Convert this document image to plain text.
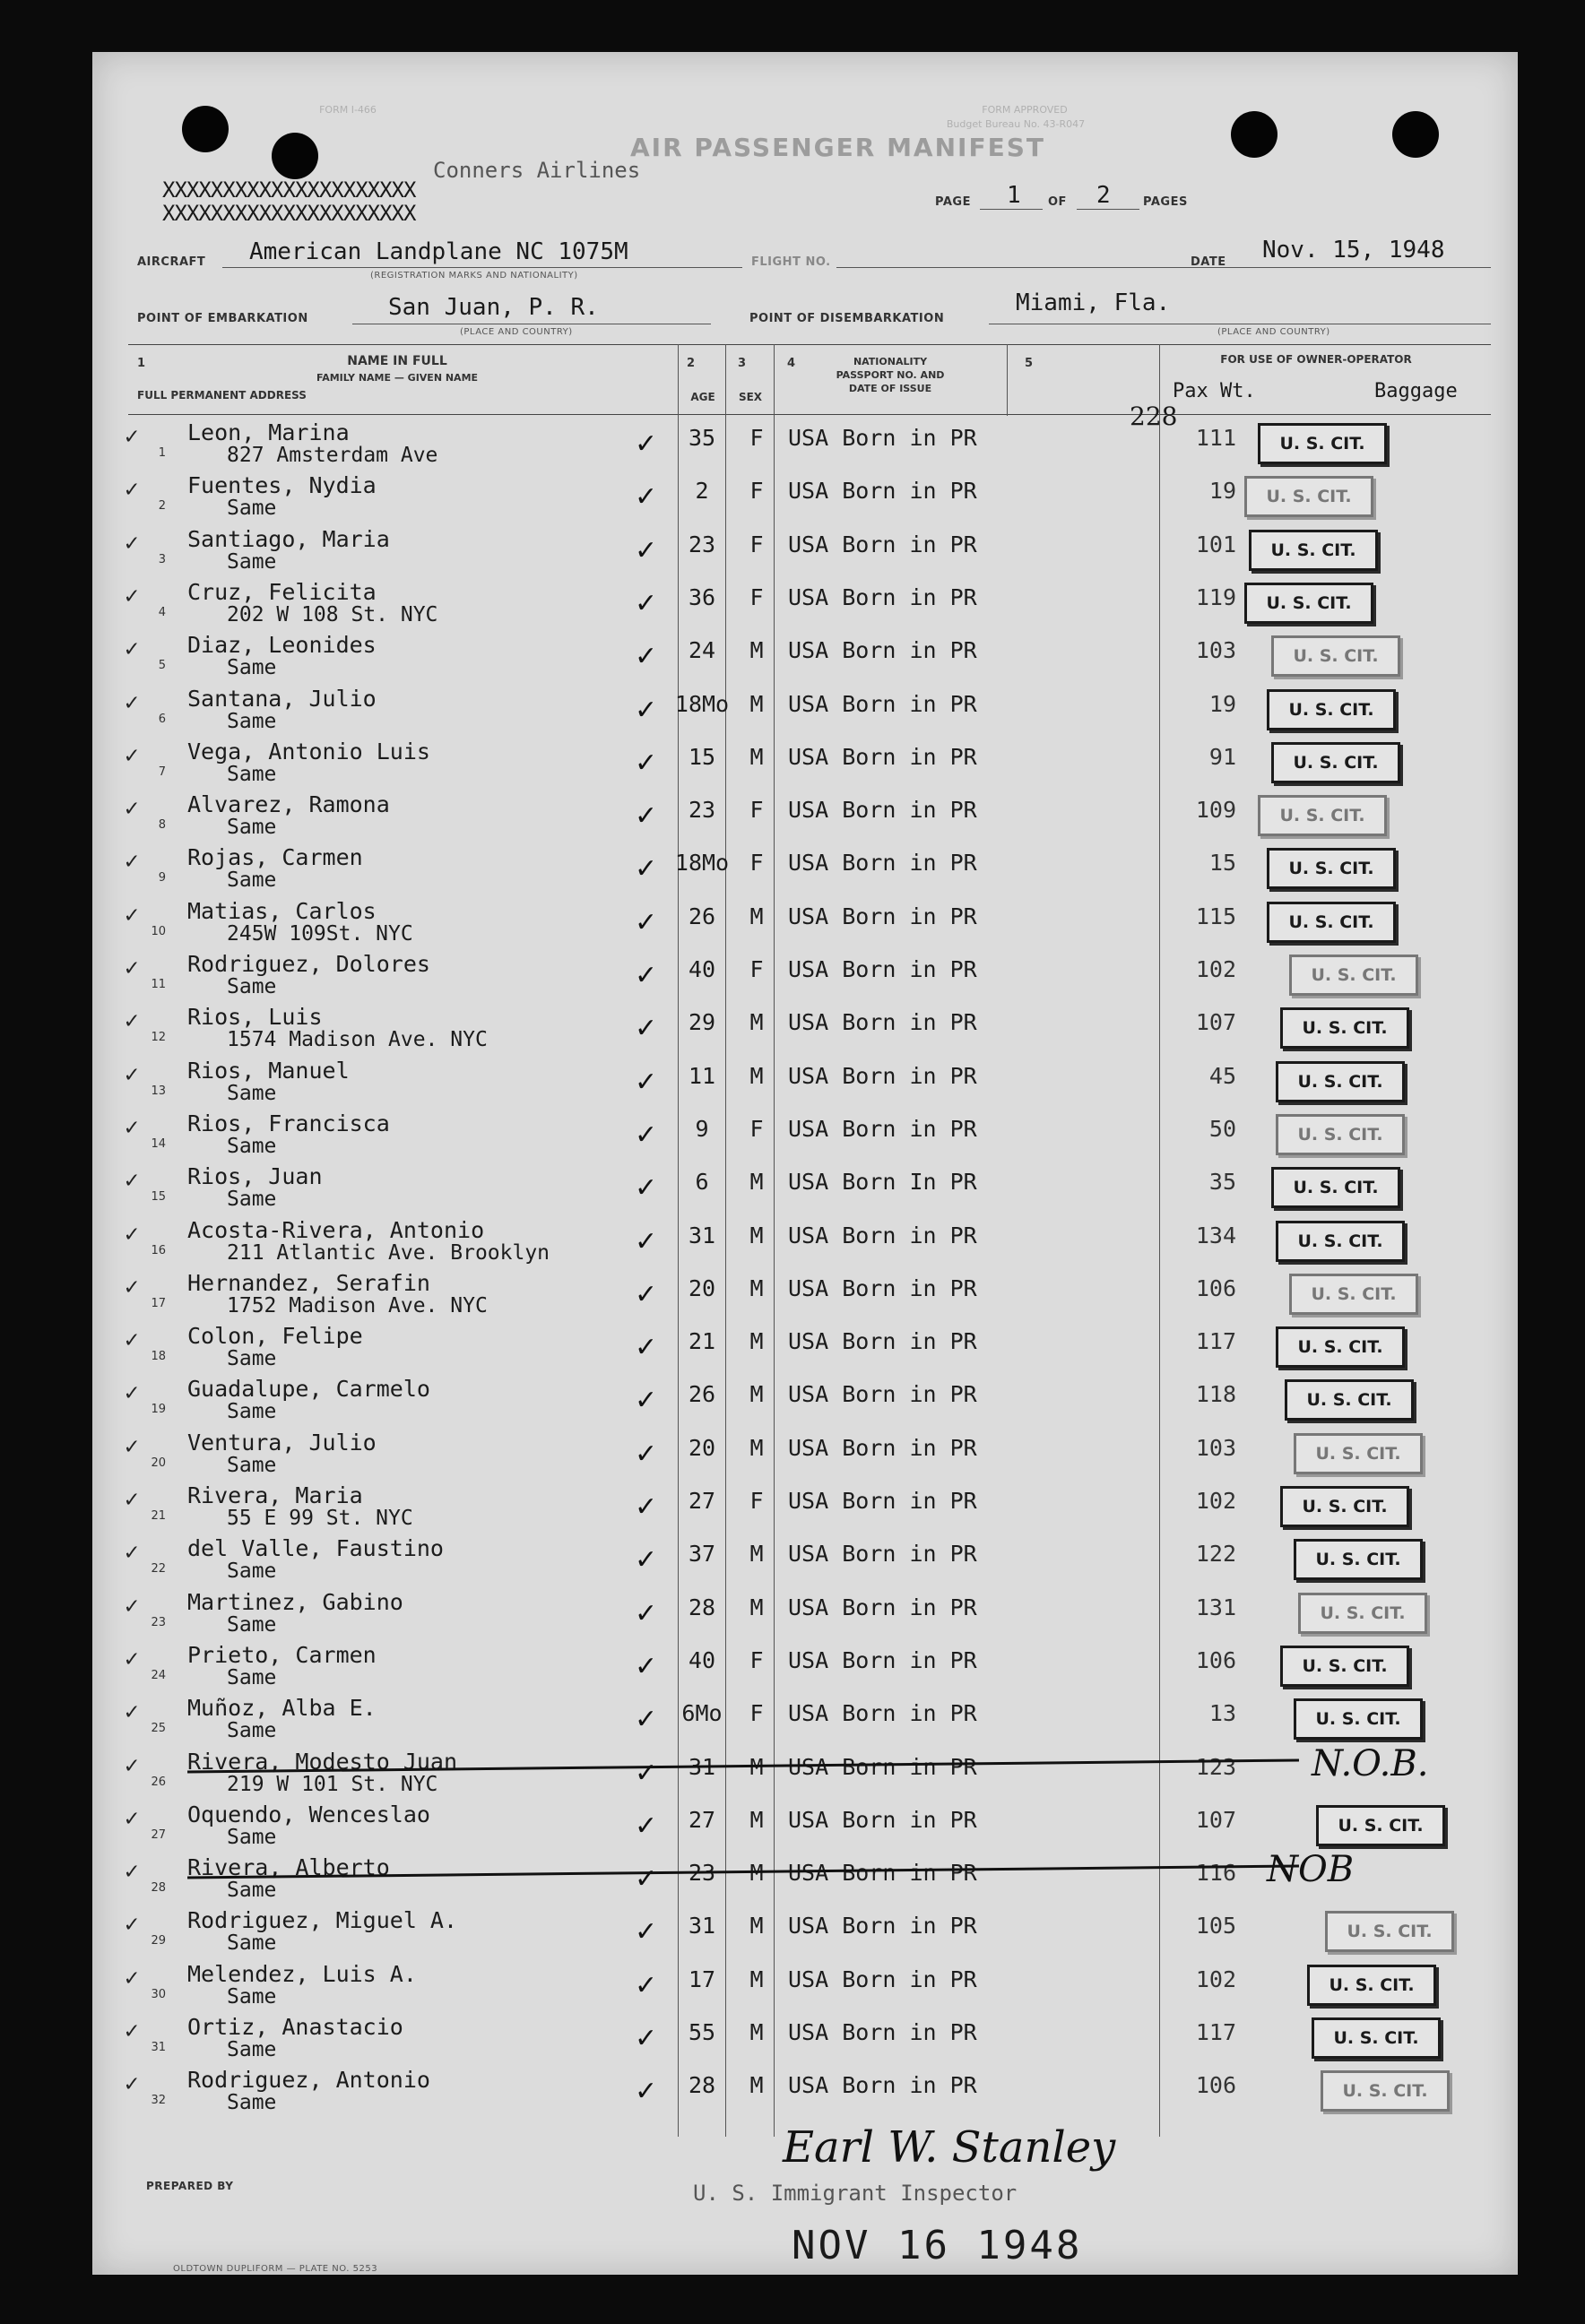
FORM I-466	FORM APPROVED
Budget Bureau No. 43-R047
AIR PASSENGER MANIFEST
PAGE 1 OF 2	PAGES
Conners Airlines
XXXXXXXXXXXXXXXXXXXXX
XXXXXXXXXXXXXXXXXXXXX
AIRCRAFT American Landplane NC 1075M
(REGISTRATION MARKS AND NATIONALITY)
FLIGHT NO.	DATE Nov. 15, 1948
POINT OF EMBARKATION	San Juan, P. R.
(PLACE AND COUNTRY)
POINT OF DISEMBARKATION
Miami, Fla.
(PLACE AND COUNTRY)
1	NAME IN FULL
FAMILY NAME — GIVEN NAME
FULL PERMANENT ADDRESS
2
AGE
3
SEX
4	NATIONALITY
PASSPORT NO. AND
DATE OF ISSUE
5	FOR USE OF OWNER-OPERATOR
Pax Wt.	Baggage
228
✓
1
Leon, Marina
827 Amsterdam Ave	✓	35	F	USA Born in PR	111	U. S. CIT.
✓
2
Fuentes, Nydia
Same	✓	2	F	USA Born in PR	19	U. S. CIT.
✓
3
Santiago, Maria
Same	✓	23	F	USA Born in PR	101	U. S. CIT.
✓
4
Cruz, Felicita
202 W 108 St. NYC	✓	36	F	USA Born in PR	119	U. S. CIT.
✓
5
Diaz, Leonides
Same	✓	24	M	USA Born in PR	103	U. S. CIT.
✓
6
Santana, Julio
Same	✓ 18Mo M	USA Born in PR	19	U. S. CIT.
✓
7
Vega, Antonio Luis
Same	✓	15	M	USA Born in PR	91	U. S. CIT.
✓
8
Alvarez, Ramona
Same	✓	23	F	USA Born in PR	109	U. S. CIT.
✓
9
Rojas, Carmen
Same	✓ 18Mo F	USA Born in PR	15	U. S. CIT.
✓
10
Matias, Carlos
245W 109St. NYC	✓	26	M	USA Born in PR	115	U. S. CIT.
✓
11
Rodriguez, Dolores
Same	✓	40	F	USA Born in PR	102	U. S. CIT.
✓
12
Rios, Luis
1574 Madison Ave. NYC	✓	29	M	USA Born in PR	107	U. S. CIT.
✓
13
Rios, Manuel
Same	✓	11	M	USA Born in PR	45	U. S. CIT.
✓
14
Rios, Francisca
Same	✓	9	F	USA Born in PR	50	U. S. CIT.
✓
15
Rios, Juan
Same	✓	6	M	USA Born In PR	35	U. S. CIT.
✓
16
Acosta-Rivera, Antonio
211 Atlantic Ave. Brooklyn	✓	31	M	USA Born in PR	134	U. S. CIT.
✓
17
Hernandez, Serafin
1752 Madison Ave. NYC	✓	20	M	USA Born in PR	106	U. S. CIT.
✓
18
Colon, Felipe
Same	✓	21	M	USA Born in PR	117	U. S. CIT.
✓
19
Guadalupe, Carmelo
Same	✓	26	M	USA Born in PR	118	U. S. CIT.
✓
20
Ventura, Julio
Same	✓	20	M	USA Born in PR	103	U. S. CIT.
✓
21
Rivera, Maria
55 E 99 St. NYC	✓	27	F	USA Born in PR	102	U. S. CIT.
✓
22
del Valle, Faustino
Same	✓	37	M	USA Born in PR	122	U. S. CIT.
✓
23
Martinez, Gabino
Same	✓	28	M	USA Born in PR	131	U. S. CIT.
✓
24
Prieto, Carmen
Same	✓	40	F	USA Born in PR	106	U. S. CIT.
✓
25
Muñoz, Alba E.
Same	✓	6Mo	F	USA Born in PR	13	U. S. CIT.
✓
26
Rivera, Modesto Juan
219 W 101 St. NYC	✓	31	M	USA Born in PR	123 N.O.B.
✓
27
Oquendo, Wenceslao
Same	✓	27	M	USA Born in PR	107	U. S. CIT.
✓
28
Rivera, Alberto
Same	✓	23	M	USA Born in PR	116 NOB
✓
29
Rodriguez, Miguel A.
Same	✓	31	M	USA Born in PR	105	U. S. CIT.
✓
30
Melendez, Luis A.
Same	✓	17	M	USA Born in PR	102	U. S. CIT.
✓
31
Ortiz, Anastacio
Same	✓	55	M	USA Born in PR	117	U. S. CIT.
✓
32
Rodriguez, Antonio
Same	✓	28	M	USA Born in PR	106	U. S. CIT.
PREPARED BY
Earl W. Stanley
U. S. Immigrant Inspector
NOV 16 1948
OLDTOWN DUPLIFORM — PLATE NO. 5253
